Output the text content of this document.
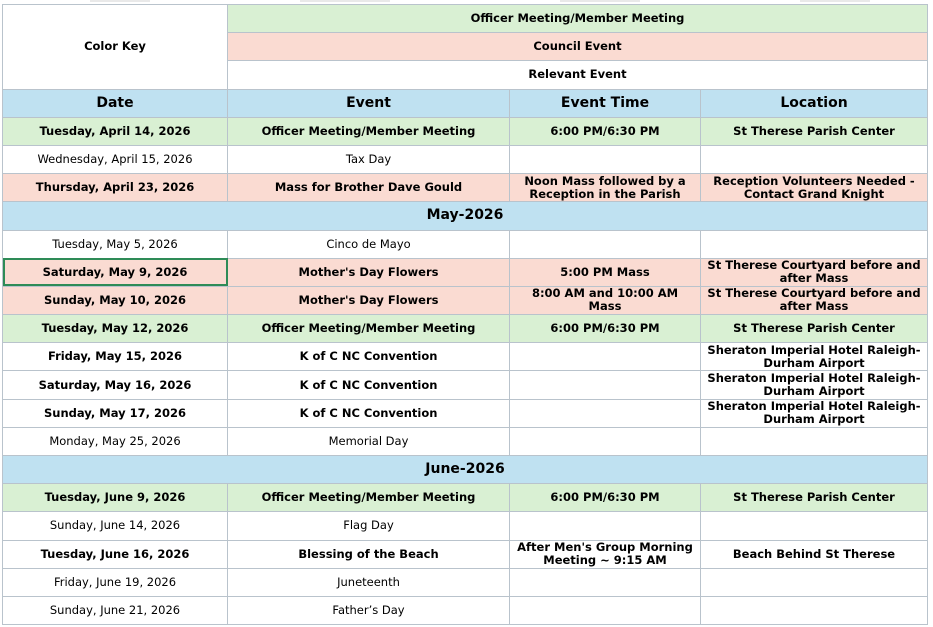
Color Key	Officer Meeting/Member Meeting		
	Council Event		
	Relevant Event		
Date	Event	Event Time	Location
Tuesday, April 14, 2026	Officer Meeting/Member Meeting	6:00 PM/6:30 PM	St Therese Parish Center
Wednesday, April 15, 2026	Tax Day		
Thursday, April 23, 2026	Mass for Brother Dave Gould	Noon Mass followed by a Reception in the Parish	Reception Volunteers Needed - Contact Grand Knight
May-2026			
Tuesday, May 5, 2026	Cinco de Mayo		
Saturday, May 9, 2026	Mother's Day Flowers	5:00 PM Mass	St Therese Courtyard before and after Mass
Sunday, May 10, 2026	Mother's Day Flowers	8:00 AM and 10:00 AM Mass	St Therese Courtyard before and after Mass
Tuesday, May 12, 2026	Officer Meeting/Member Meeting	6:00 PM/6:30 PM	St Therese Parish Center
Friday, May 15, 2026	K of C NC Convention		Sheraton Imperial Hotel Raleigh-Durham Airport
Saturday, May 16, 2026	K of C NC Convention		Sheraton Imperial Hotel Raleigh-Durham Airport
Sunday, May 17, 2026	K of C NC Convention		Sheraton Imperial Hotel Raleigh-Durham Airport
Monday, May 25, 2026	Memorial Day		
June-2026			
Tuesday, June 9, 2026	Officer Meeting/Member Meeting	6:00 PM/6:30 PM	St Therese Parish Center
Sunday, June 14, 2026	Flag Day		
Tuesday, June 16, 2026	Blessing of the Beach	After Men's Group Morning Meeting ~ 9:15 AM	Beach Behind St Therese
Friday, June 19, 2026	Juneteenth		
Sunday, June 21, 2026	Father’s Day		
